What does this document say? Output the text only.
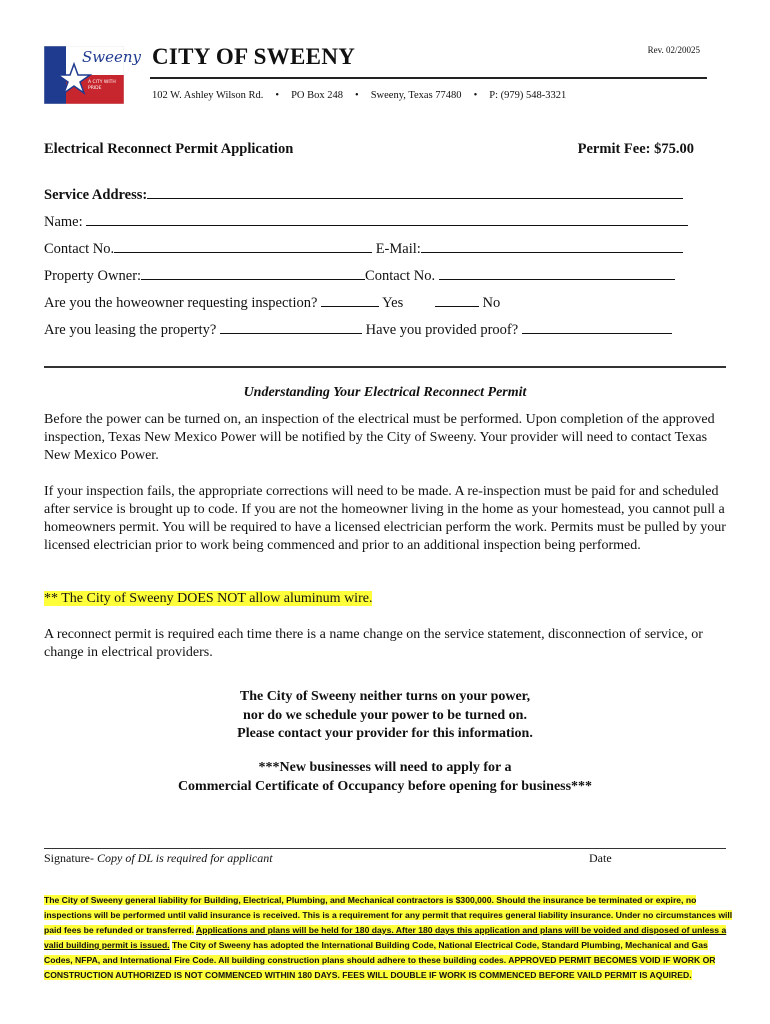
Sweeny
A CITY WITH PRIDE
CITY OF SWEENY	Rev. 02/20025
102 W. Ashley Wilson Rd. • PO Box 248 • Sweeny, Texas 77480 • P: (979) 548-3321
Electrical Reconnect Permit Application	Permit Fee: $75.00
Service Address:
Name:
Contact No.	E-Mail:
Property Owner:	Contact No.
Are you the howeowner requesting inspection?	Yes	No
Are you leasing the property?	Have you provided proof?
Understanding Your Electrical Reconnect Permit
Before the power can be turned on, an inspection of the electrical must be performed. Upon completion of the approved inspection, Texas New Mexico Power will be notified by the City of Sweeny. Your provider will need to contact Texas New Mexico Power.
If your inspection fails, the appropriate corrections will need to be made. A re-inspection must be paid for and scheduled after service is brought up to code. If you are not the homeowner living in the home as your homestead, you cannot pull a homeowners permit. You will be required to have a licensed electrician perform the work. Permits must be pulled by your licensed electrician prior to work being commenced and prior to an additional inspection being performed.
** The City of Sweeny DOES NOT allow aluminum wire.
A reconnect permit is required each time there is a name change on the service statement, disconnection of service, or change in electrical providers.
The City of Sweeny neither turns on your power,
nor do we schedule your power to be turned on.
Please contact your provider for this information.
***New businesses will need to apply for a
Commercial Certificate of Occupancy before opening for business***
Signature- Copy of DL is required for applicant	Date
The City of Sweeny general liability for Building, Electrical, Plumbing, and Mechanical contractors is $300,000. Should the insurance be terminated or expire, no inspections will be performed until valid insurance is received. This is a requirement for any permit that requires general liability insurance. Under no circumstances will paid fees be refunded or transferred. Applications and plans will be held for 180 days. After 180 days this application and plans will be voided and disposed of unless a valid building permit is issued. The City of Sweeny has adopted the International Building Code, National Electrical Code, Standard Plumbing, Mechanical and Gas Codes, NFPA, and International Fire Code. All building construction plans should adhere to these building codes. APPROVED PERMIT BECOMES VOID IF WORK OR CONSTRUCTION AUTHORIZED IS NOT COMMENCED WITHIN 180 DAYS. FEES WILL DOUBLE IF WORK IS COMMENCED BEFORE VAILD PERMIT IS AQUIRED.
